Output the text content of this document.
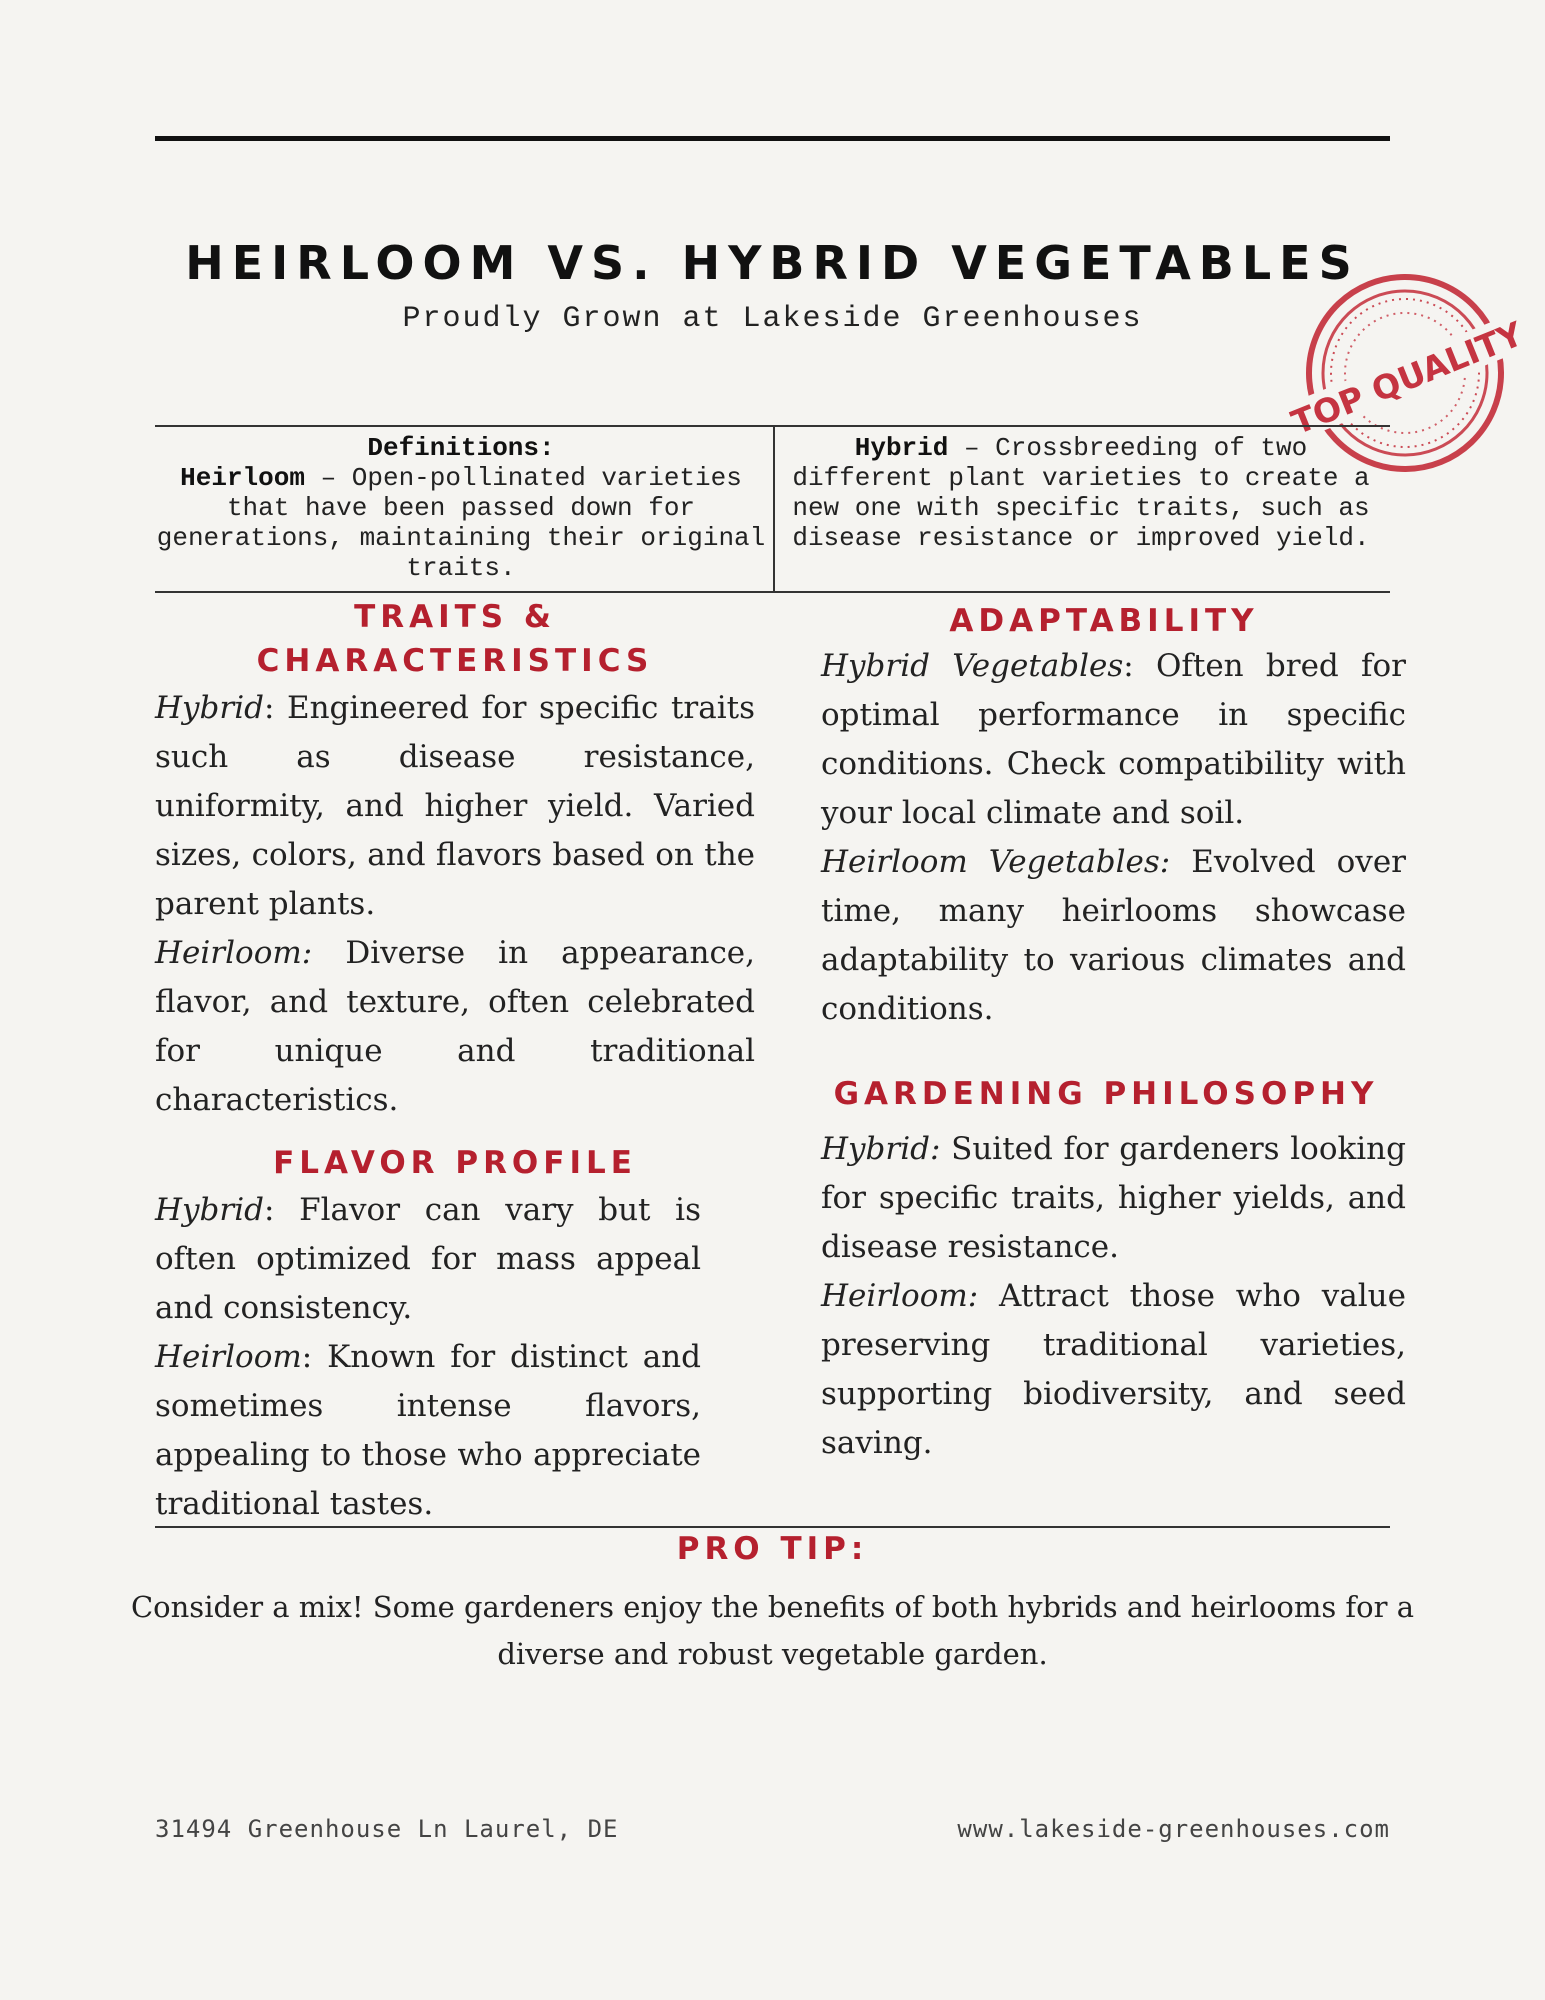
HEIRLOOM VS. HYBRID VEGETABLES
Proudly Grown at Lakeside Greenhouses	TOP QUALITY
Definitions:
Heirloom – Open-pollinated varieties that have been passed down for generations, maintaining their original traits.
Hybrid – Crossbreeding of two different plant varieties to create a new one with specific traits, such as disease resistance or improved yield.
TRAITS &
CHARACTERISTICS

Hybrid: Engineered for specific traits such as disease resistance, uniformity, and higher yield. Varied sizes, colors, and flavors based on the parent plants.

Heirloom: Diverse in appearance, flavor, and texture, often celebrated for unique and traditional characteristics.

FLAVOR PROFILE

Hybrid: Flavor can vary but is often optimized for mass appeal and consistency.

Heirloom: Known for distinct and sometimes intense flavors, appealing to those who appreciate traditional tastes.

ADAPTABILITY

Hybrid Vegetables: Often bred for optimal performance in specific conditions. Check compatibility with your local climate and soil.

Heirloom Vegetables: Evolved over time, many heirlooms showcase adaptability to various climates and conditions.

GARDENING PHILOSOPHY

Hybrid: Suited for gardeners looking for specific traits, higher yields, and disease resistance.

Heirloom: Attract those who value preserving traditional varieties, supporting biodiversity, and seed saving.

PRO TIP:
Consider a mix! Some gardeners enjoy the benefits of both hybrids and heirlooms for a diverse and robust vegetable garden.
31494 Greenhouse Ln Laurel, DE	www.lakeside-greenhouses.com
